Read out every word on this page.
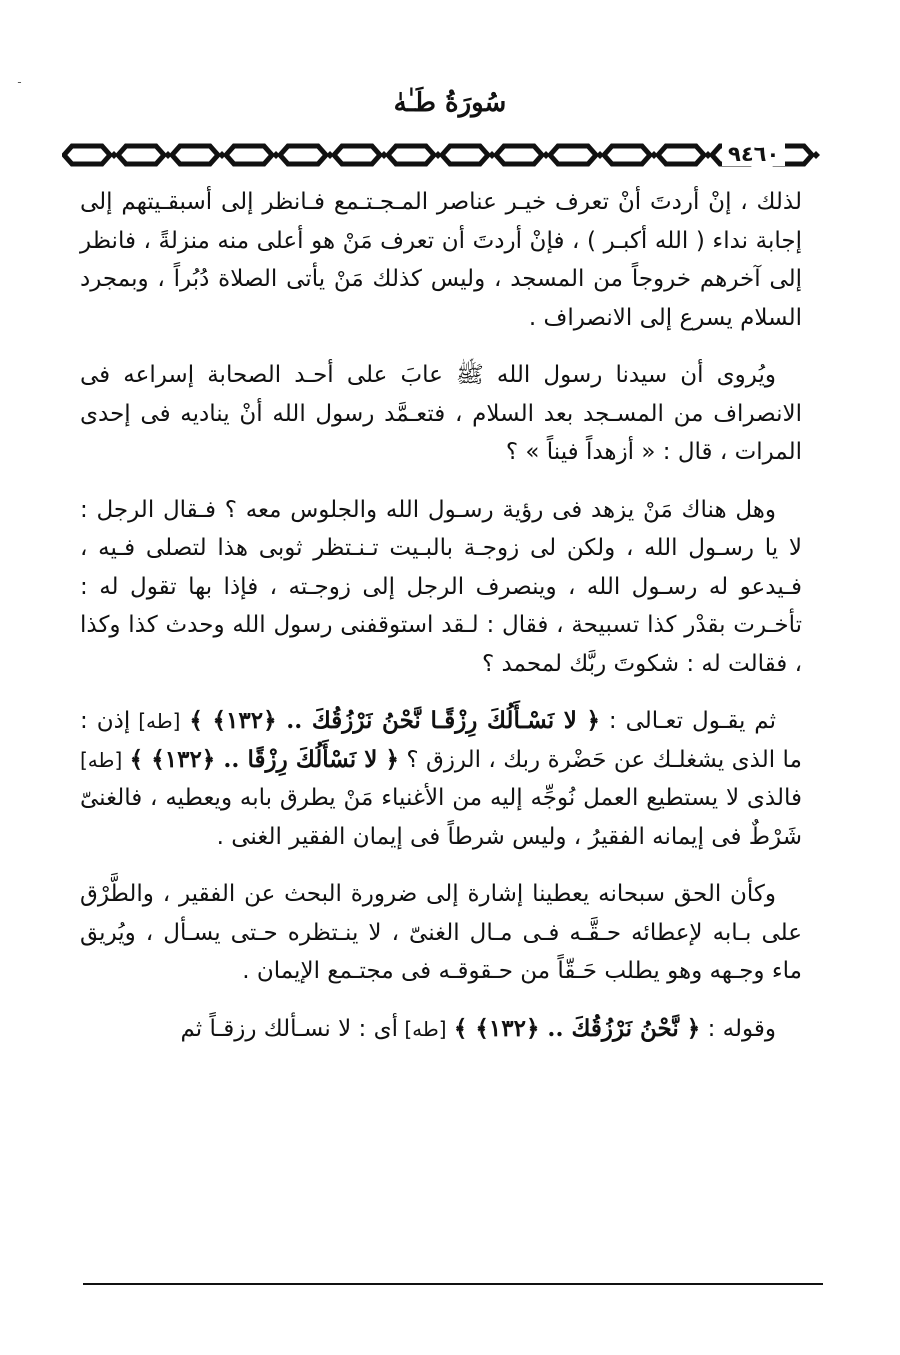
ـ
سُورَةُ طَـٰهٰ
٩٤٦٠

لذلك ، إنْ أردتَ أنْ تعرف خيـر عناصر المـجـتـمع فـانظر إلى أسبقـيتهم إلى إجابة نداء ( الله أكبـر ) ، فإنْ أردتَ أن تعرف مَنْ هو أعلى منه منزلةً ، فانظر إلى آخرهم خروجاً من المسجد ، وليس كذلك مَنْ يأتى الصلاة دُبُراً ، وبمجرد السلام يسرع إلى الانصراف .

ويُروى أن سيدنا رسول الله ﷺ عابَ على أحـد الصحابة إسراعه فى الانصراف من المسـجد بعد السلام ، فتعـمَّد رسول الله أنْ يناديه فى إحدى المرات ، قال : « أزهداً فيناً » ؟

وهل هناك مَنْ يزهد فى رؤية رسـول الله والجلوس معه ؟ فـقال الرجل : لا يا رسـول الله ، ولكن لى زوجـة بالبـيت تـنـتظر ثوبى هذا لتصلى فـيه ، فـيدعو له رسـول الله ، وينصرف الرجل إلى زوجـته ، فإذا بها تقول له : تأخـرت بقدْر كذا تسبيحة ، فقال : لـقد استوقفنى رسول الله وحدث كذا وكذا ، فقالت له : شكوتَ ربَّك لمحمد ؟

ثم يقـول تعـالى : ﴿ لا نَسْـأَلُكَ رِزْقًـا نَّحْنُ نَرْزُقُكَ .. ﴿١٣٢﴾ ﴾ [طه] إذن : ما الذى يشغلـك عن حَضْرة ربك ، الرزق ؟ ﴿ لا نَسْأَلُكَ رِزْقًا .. ﴿١٣٢﴾ ﴾ [طه] فالذى لا يستطيع العمل نُوجِّه إليه من الأغنياء مَنْ يطرق بابه ويعطيه ، فالغنىّ شَرْطٌ فى إيمانه الفقيرُ ، وليس شرطاً فى إيمان الفقير الغنى .

وكأن الحق سبحانه يعطينا إشارة إلى ضرورة البحث عن الفقير ، والطَّرْق على بـابه لإعطائه حـقَّـه فـى مـال الغنىّ ، لا ينـتظره حـتى يسـأل ، ويُريق ماء وجـهه وهو يطلب حَـقّاً من حـقوقـه فى مجتـمع الإيمان .

وقوله : ﴿ نَّحْنُ نَرْزُقُكَ .. ﴿١٣٢﴾ ﴾ [طه] أى : لا نسـألك رزقـاً ثم
